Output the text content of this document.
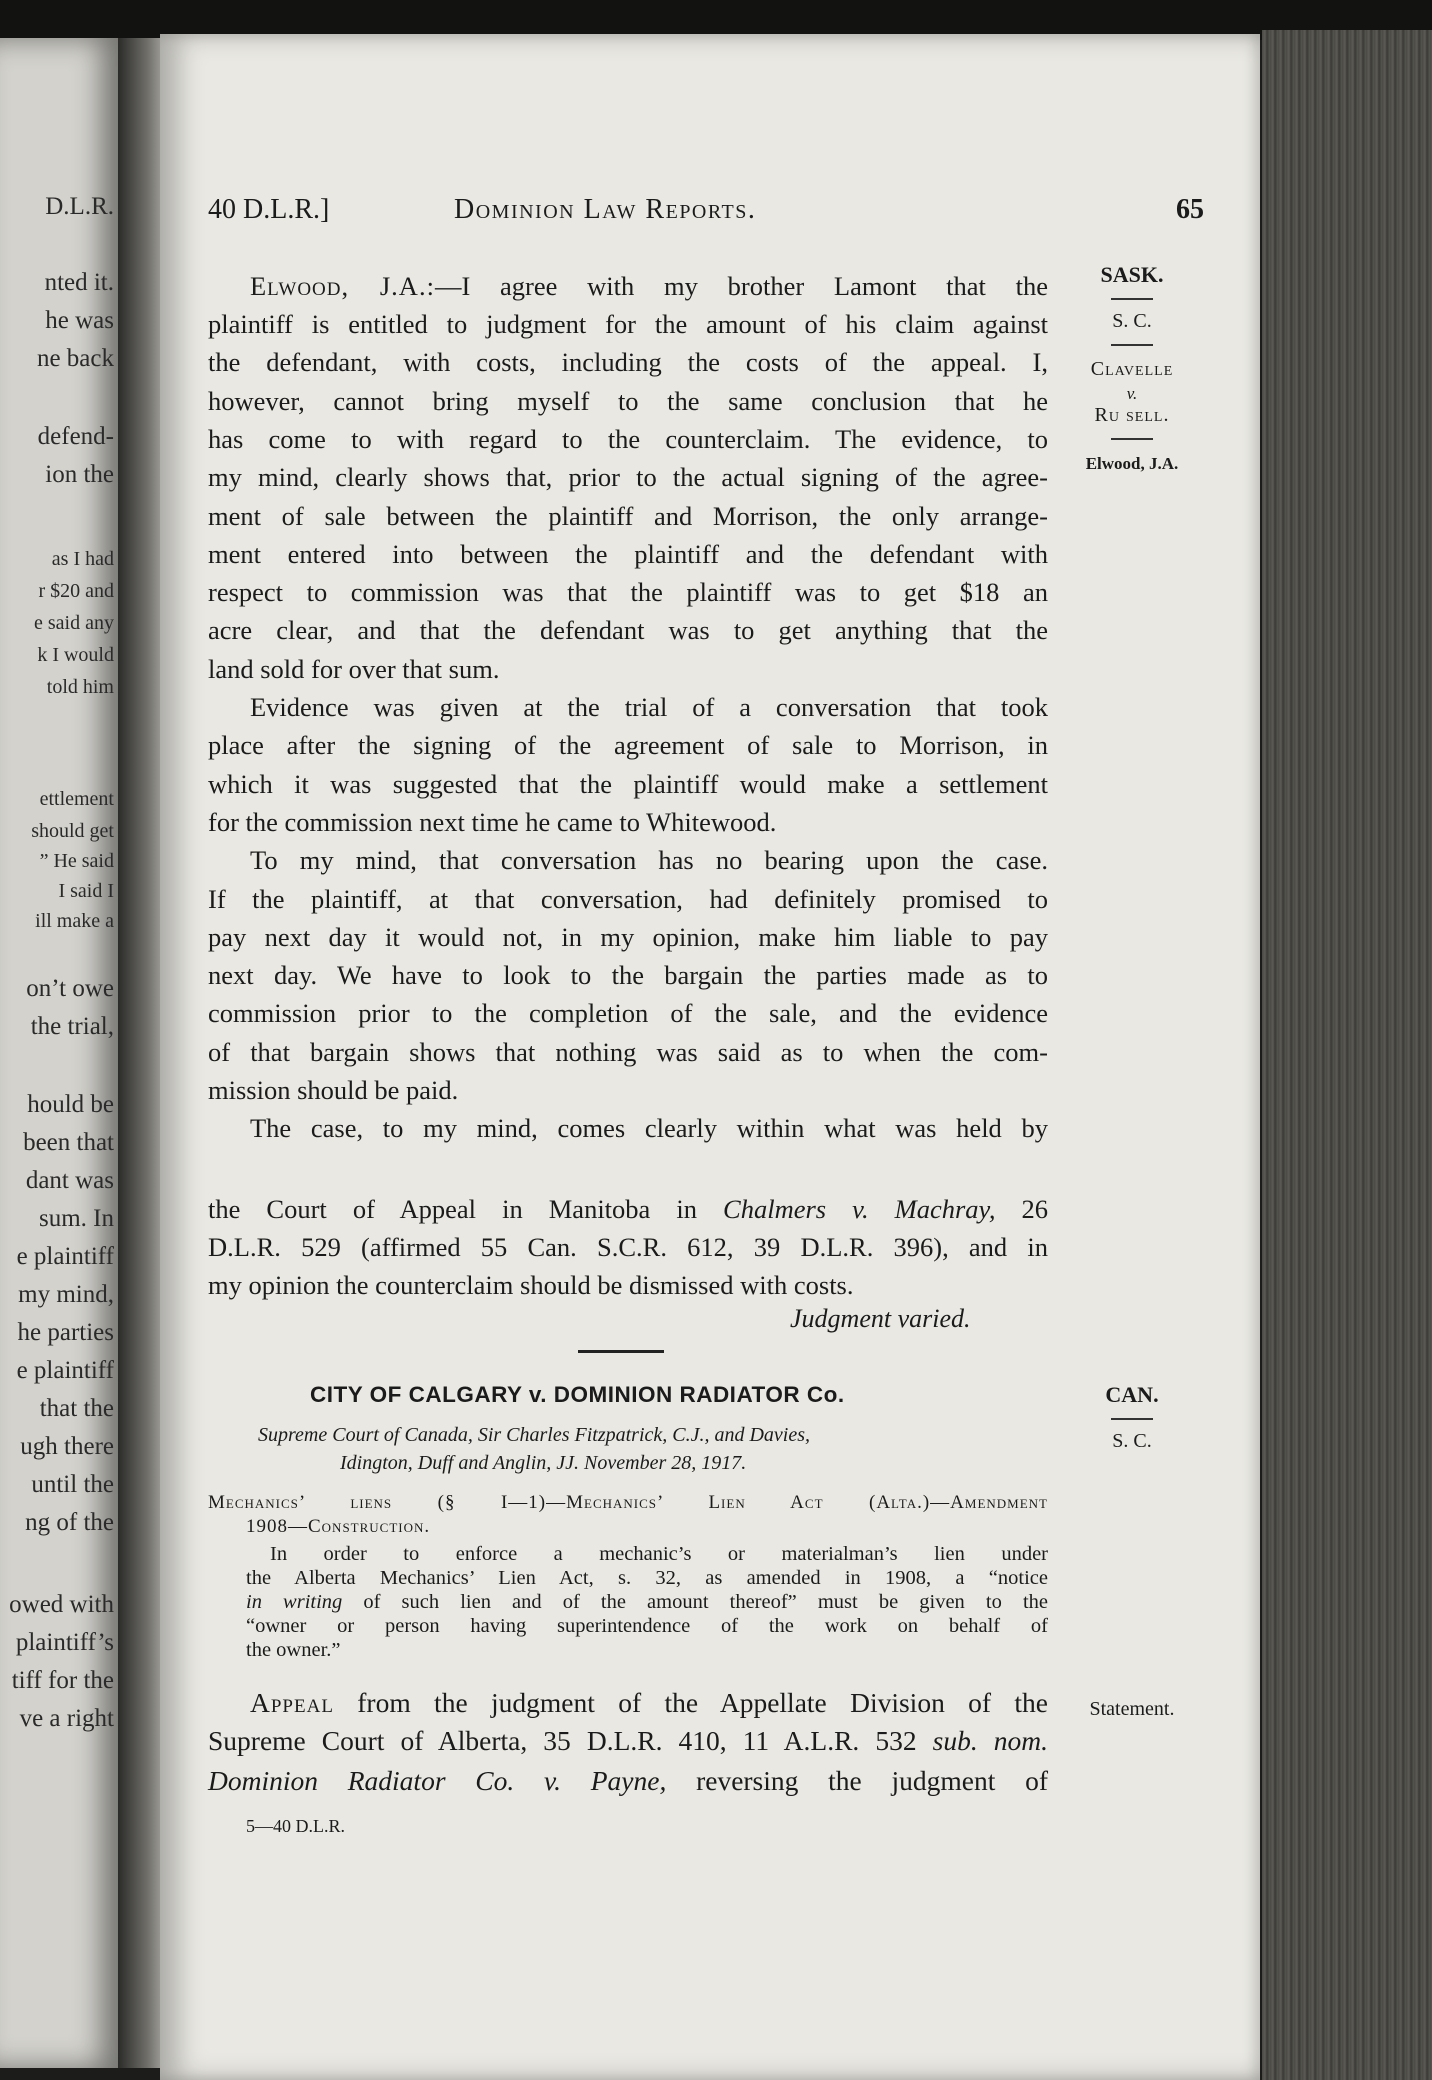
D.L.R.
nted it.
he was
ne back
defend-
ion the
as I had
r $20 and
e said any
k I would
told him
ettlement
should get
” He said
I said I
ill make a
on’t owe
the trial,
hould be
been that
dant was
sum. In
e plaintiff
my mind,
he parties
e plaintiff
that the
ugh there
until the
ng of the
owed with
plaintiff’s
tiff for the
ve a right
40 D.L.R.]	Dominion Law Reports.	65
SASK.
S. C.
Clavelle
v.
Ru sell.
Elwood, J.A.
CAN.
S. C.
Statement.
Elwood, J.A.:—I agree with my brother Lamont that the
plaintiff is entitled to judgment for the amount of his claim against
the defendant, with costs, including the costs of the appeal. I,
however, cannot bring myself to the same conclusion that he
has come to with regard to the counterclaim. The evidence, to
my mind, clearly shows that, prior to the actual signing of the agree-
ment of sale between the plaintiff and Morrison, the only arrange-
ment entered into between the plaintiff and the defendant with
respect to commission was that the plaintiff was to get $18 an
acre clear, and that the defendant was to get anything that the
land sold for over that sum.
Evidence was given at the trial of a conversation that took
place after the signing of the agreement of sale to Morrison, in
which it was suggested that the plaintiff would make a settlement
for the commission next time he came to Whitewood.
To my mind, that conversation has no bearing upon the case.
If the plaintiff, at that conversation, had definitely promised to
pay next day it would not, in my opinion, make him liable to pay
next day. We have to look to the bargain the parties made as to
commission prior to the completion of the sale, and the evidence
of that bargain shows that nothing was said as to when the com-
mission should be paid.
The case, to my mind, comes clearly within what was held by
the Court of Appeal in Manitoba in Chalmers v. Machray, 26
D.L.R. 529 (affirmed 55 Can. S.C.R. 612, 39 D.L.R. 396), and in
my opinion the counterclaim should be dismissed with costs.
Judgment varied.
CITY OF CALGARY v. DOMINION RADIATOR Co.
Supreme Court of Canada, Sir Charles Fitzpatrick, C.J., and Davies,
Idington, Duff and Anglin, JJ. November 28, 1917.
Mechanics’ liens (§ I—1)—Mechanics’ Lien Act (Alta.)—Amendment
1908—Construction.
In order to enforce a mechanic’s or materialman’s lien under
the Alberta Mechanics’ Lien Act, s. 32, as amended in 1908, a “notice
in writing of such lien and of the amount thereof” must be given to the
“owner or person having superintendence of the work on behalf of
the owner.”
Appeal from the judgment of the Appellate Division of the
Supreme Court of Alberta, 35 D.L.R. 410, 11 A.L.R. 532 sub. nom.
Dominion Radiator Co. v. Payne, reversing the judgment of
5—40 D.L.R.
